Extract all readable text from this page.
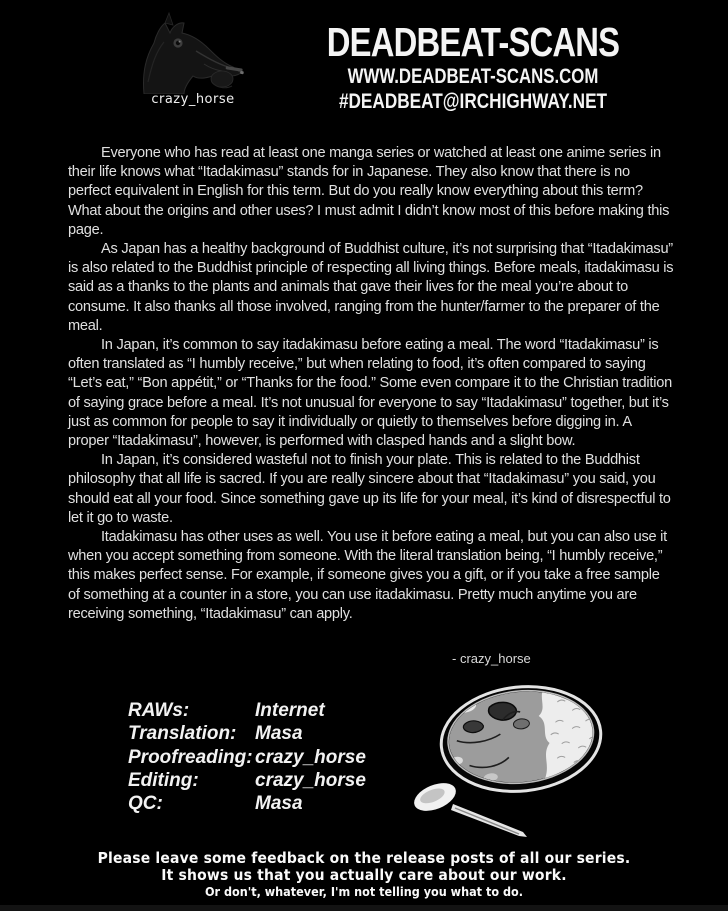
crazy_horse
DEADBEAT-SCANS
WWW.DEADBEAT-SCANS.COM
#DEADBEAT@IRCHIGHWAY.NET

Everyone who has read at least one manga series or watched at least one anime series in their life knows what “Itadakimasu” stands for in Japanese. They also know that there is no perfect equivalent in English for this term. But do you really know everything about this term? What about the origins and other uses? I must admit I didn’t know most of this before making this page.

As Japan has a healthy background of Buddhist culture, it’s not surprising that “Itadakimasu” is also related to the Buddhist principle of respecting all living things. Before meals, itadakimasu is said as a thanks to the plants and animals that gave their lives for the meal you’re about to consume. It also thanks all those involved, ranging from the hunter/farmer to the preparer of the meal.

In Japan, it’s common to say itadakimasu before eating a meal. The word “Itadakimasu” is often translated as “I humbly receive,” but when relating to food, it’s often compared to saying “Let’s eat,” “Bon appétit,” or “Thanks for the food.” Some even compare it to the Christian tradition of saying grace before a meal. It’s not unusual for everyone to say “Itadakimasu” together, but it’s just as common for people to say it individually or quietly to themselves before digging in. A proper “Itadakimasu”, however, is performed with clasped hands and a slight bow.

In Japan, it’s considered wasteful not to finish your plate. This is related to the Buddhist philosophy that all life is sacred. If you are really sincere about that “Itadakimasu” you said, you should eat all your food. Since something gave up its life for your meal, it’s kind of disrespectful to let it go to waste.

Itadakimasu has other uses as well. You use it before eating a meal, but you can also use it when you accept something from someone. With the literal translation being, “I humbly receive,” this makes perfect sense. For example, if someone gives you a gift, or if you take a free sample of something at a counter in a store, you can use itadakimasu. Pretty much anytime you are receiving something, “Itadakimasu” can apply.

- crazy_horse
RAWs:	Internet
Translation: Masa
Proofreading: crazy_horse
Editing:	crazy_horse
QC:	Masa
Please leave some feedback on the release posts of all our series.
It shows us that you actually care about our work.
Or don't, whatever, I'm not telling you what to do.
